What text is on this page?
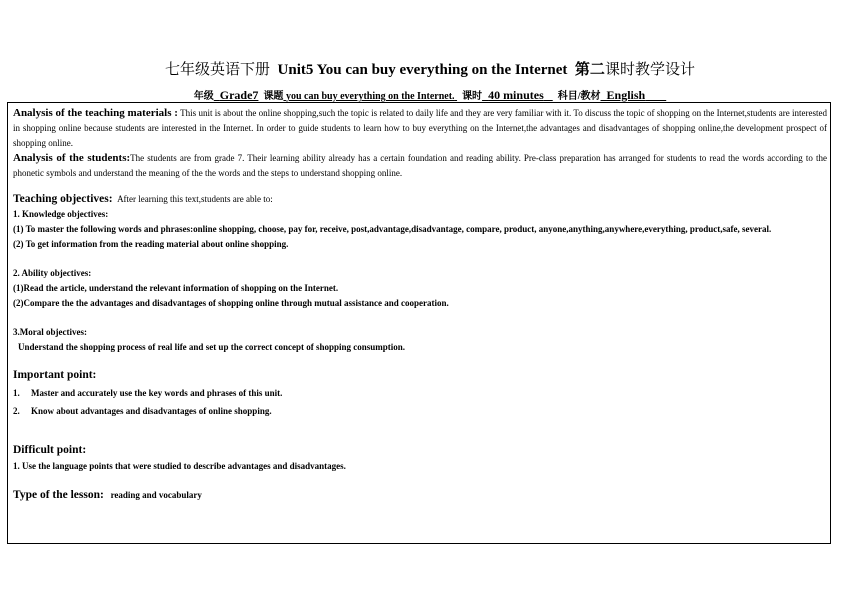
七年级英语下册 Unit5 You can buy everything on the Internet 第二课时教学设计
年级 Grade7 课题 you can buy everything on the Internet. 课时 40 minutes 科目/教材 English

Analysis of the teaching materials : This unit is about the online shopping,such the topic is related to daily life and they are very familiar with it. To discuss the topic of shopping on the Internet,students are interested in shopping online because students are interested in the Internet. In order to guide students to learn how to buy everything on the Internet,the advantages and disadvantages of shopping online,the development prospect of shopping online.

Analysis of the students:The students are from grade 7. Their learning ability already has a certain foundation and reading ability. Pre-class preparation has arranged for students to read the words according to the phonetic symbols and understand the meaning of the the words and the steps to understand shopping online.

Teaching objectives: After learning this text,students are able to:

1. Knowledge objectives:

(1) To master the following words and phrases:online shopping, choose, pay for, receive, post,advantage,disadvantage, compare, product, anyone,anything,anywhere,everything, product,safe, several.

(2) To get information from the reading material about online shopping.

2. Ability objectives:

(1)Read the article, understand the relevant information of shopping on the Internet.

(2)Compare the the advantages and disadvantages of shopping online through mutual assistance and cooperation.

3.Moral objectives:

Understand the shopping process of real life and set up the correct concept of shopping consumption.

Important point:

1. Master and accurately use the key words and phrases of this unit.

2. Know about advantages and disadvantages of online shopping.

Difficult point:

1. Use the language points that were studied to describe advantages and disadvantages.

Type of the lesson: reading and vocabulary
